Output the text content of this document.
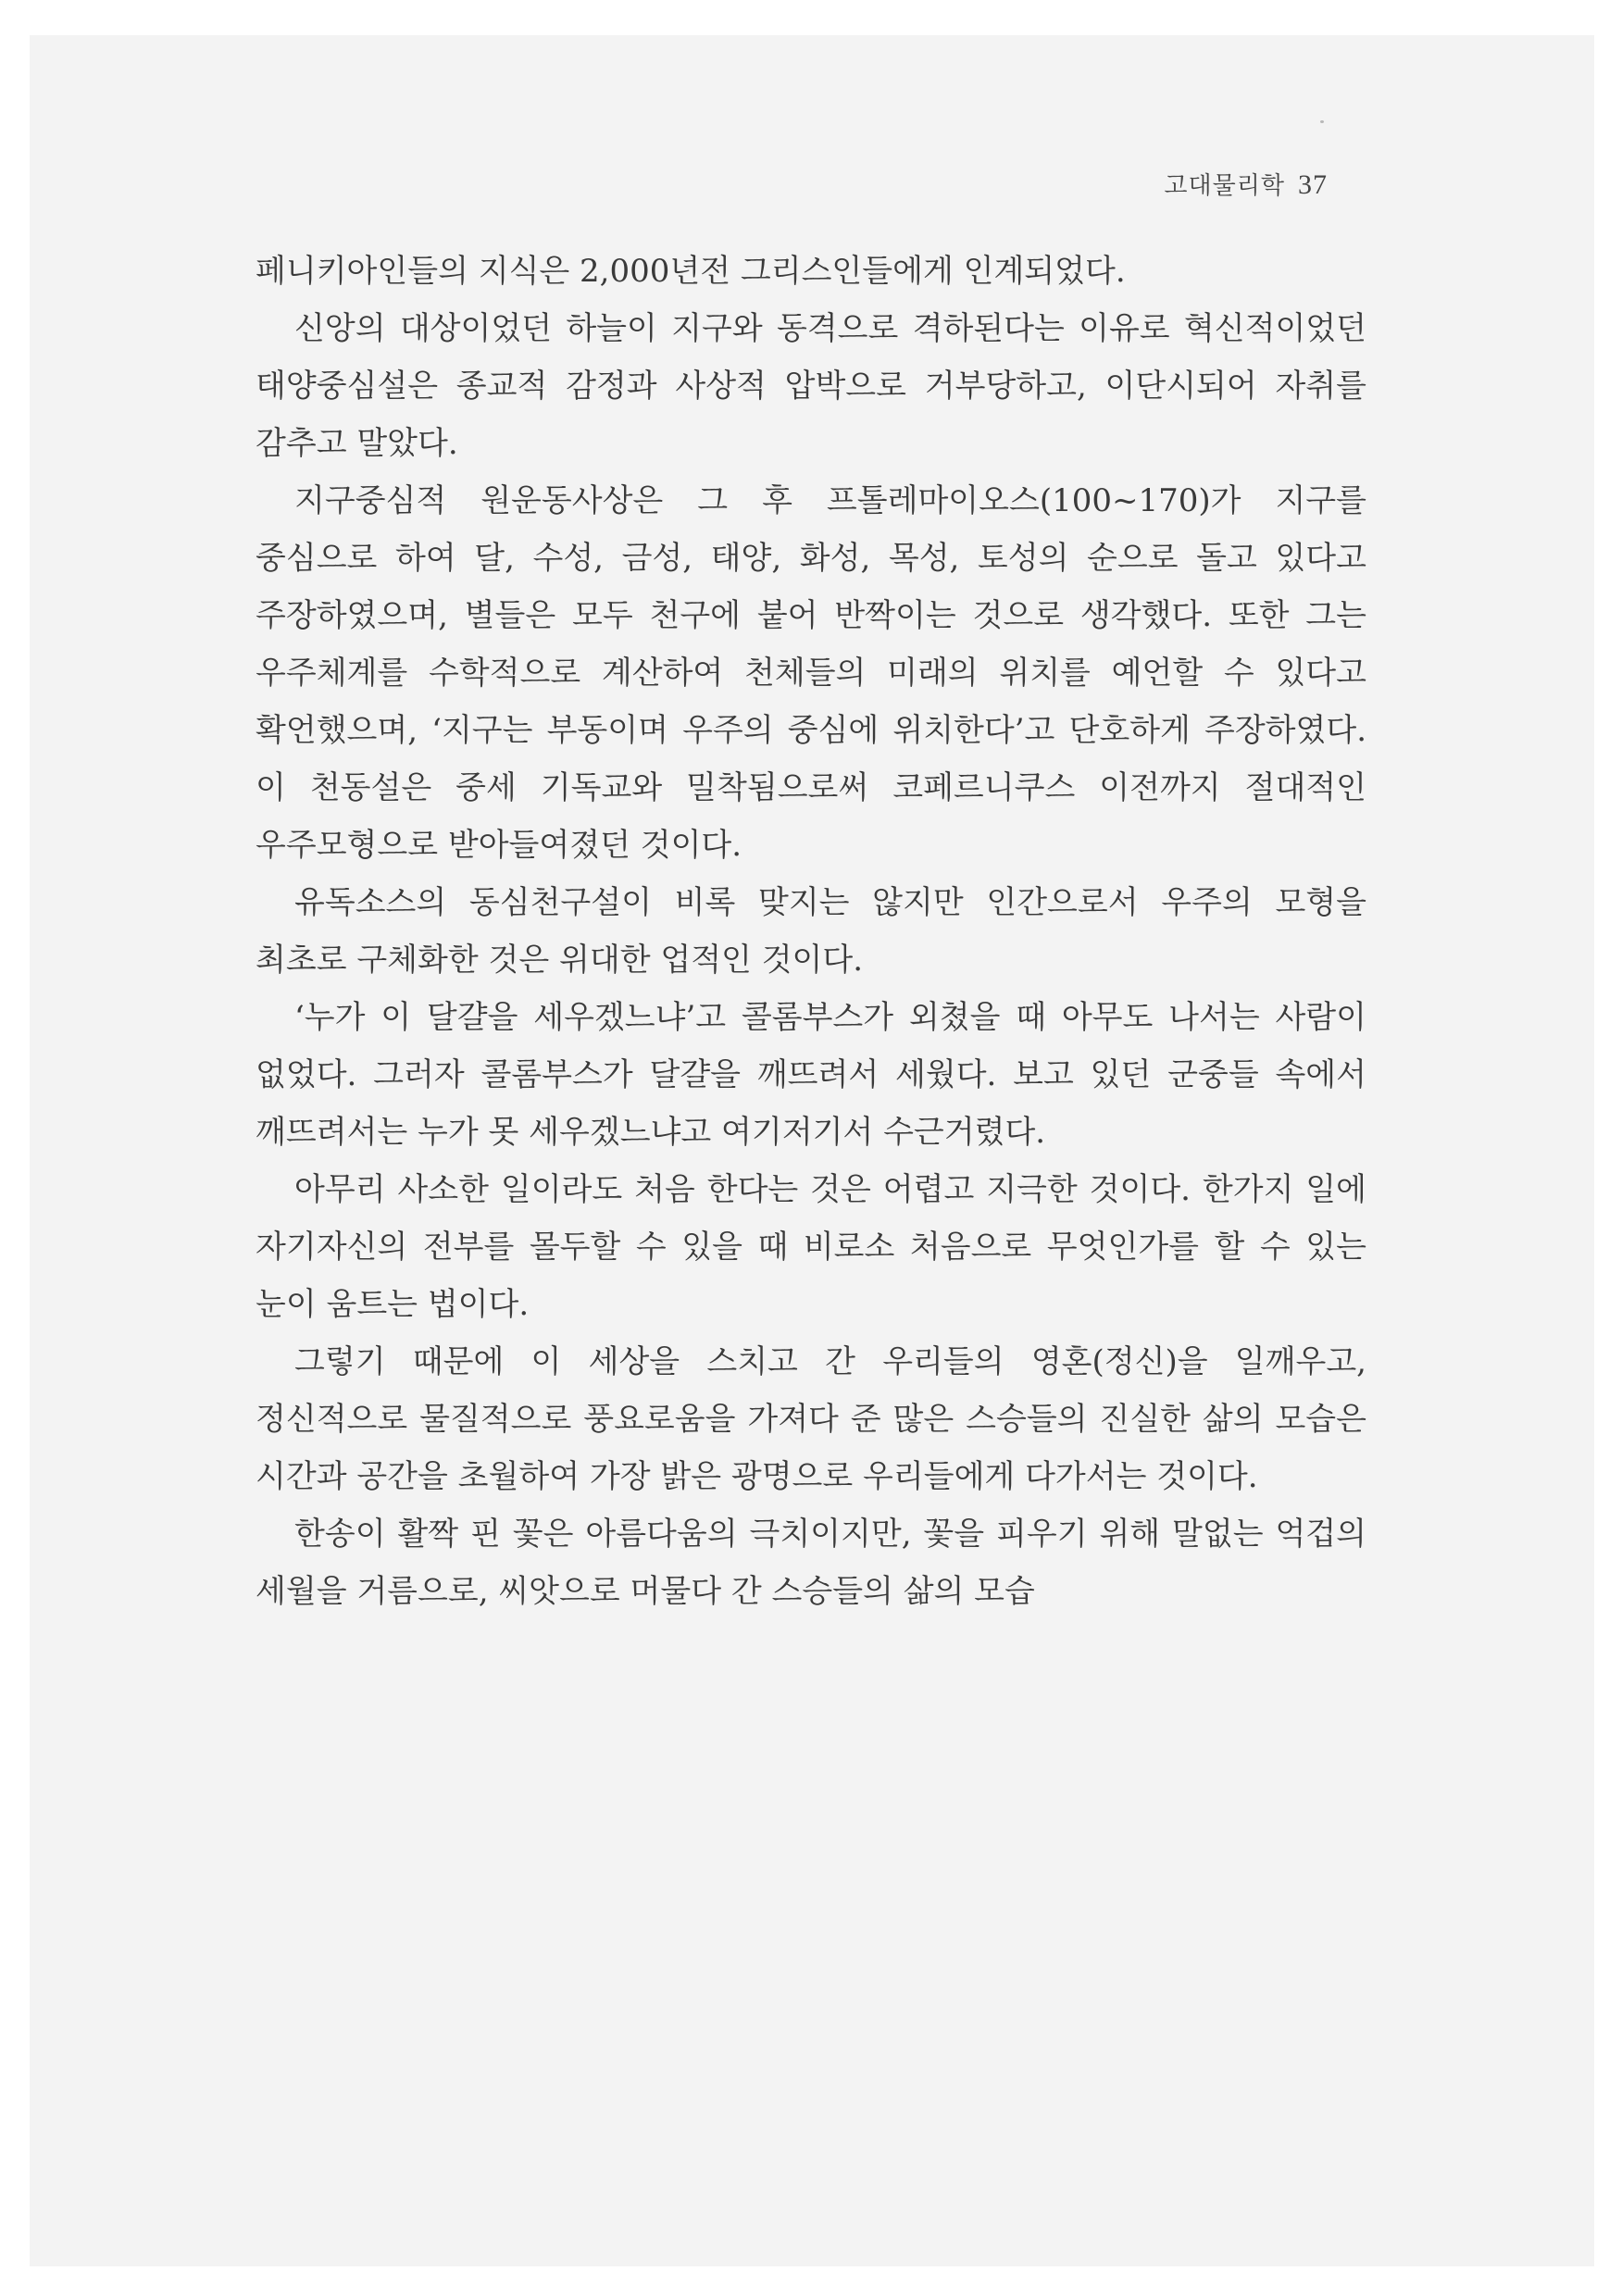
고대물리학 37

페니키아인들의 지식은 2,000년전 그리스인들에게 인계되었다.

신앙의 대상이었던 하늘이 지구와 동격으로 격하된다는 이유로 혁신적이었던 태양중심설은 종교적 감정과 사상적 압박으로 거부당하고, 이단시되어 자취를 감추고 말았다.

지구중심적 원운동사상은 그 후 프톨레마이오스(100~170)가 지구를 중심으로 하여 달, 수성, 금성, 태양, 화성, 목성, 토성의 순으로 돌고 있다고 주장하였으며, 별들은 모두 천구에 붙어 반짝이는 것으로 생각했다. 또한 그는 우주체계를 수학적으로 계산하여 천체들의 미래의 위치를 예언할 수 있다고 확언했으며, ‘지구는 부동이며 우주의 중심에 위치한다’고 단호하게 주장하였다. 이 천동설은 중세 기독교와 밀착됨으로써 코페르니쿠스 이전까지 절대적인 우주모형으로 받아들여졌던 것이다.

유독소스의 동심천구설이 비록 맞지는 않지만 인간으로서 우주의 모형을 최초로 구체화한 것은 위대한 업적인 것이다.

‘누가 이 달걀을 세우겠느냐’고 콜롬부스가 외쳤을 때 아무도 나서는 사람이 없었다. 그러자 콜롬부스가 달걀을 깨뜨려서 세웠다. 보고 있던 군중들 속에서 깨뜨려서는 누가 못 세우겠느냐고 여기저기서 수근거렸다.

아무리 사소한 일이라도 처음 한다는 것은 어렵고 지극한 것이다. 한가지 일에 자기자신의 전부를 몰두할 수 있을 때 비로소 처음으로 무엇인가를 할 수 있는 눈이 움트는 법이다.

그렇기 때문에 이 세상을 스치고 간 우리들의 영혼(정신)을 일깨우고, 정신적으로 물질적으로 풍요로움을 가져다 준 많은 스승들의 진실한 삶의 모습은 시간과 공간을 초월하여 가장 밝은 광명으로 우리들에게 다가서는 것이다.

한송이 활짝 핀 꽃은 아름다움의 극치이지만, 꽃을 피우기 위해 말없는 억겁의 세월을 거름으로, 씨앗으로 머물다 간 스승들의 삶의 모습
